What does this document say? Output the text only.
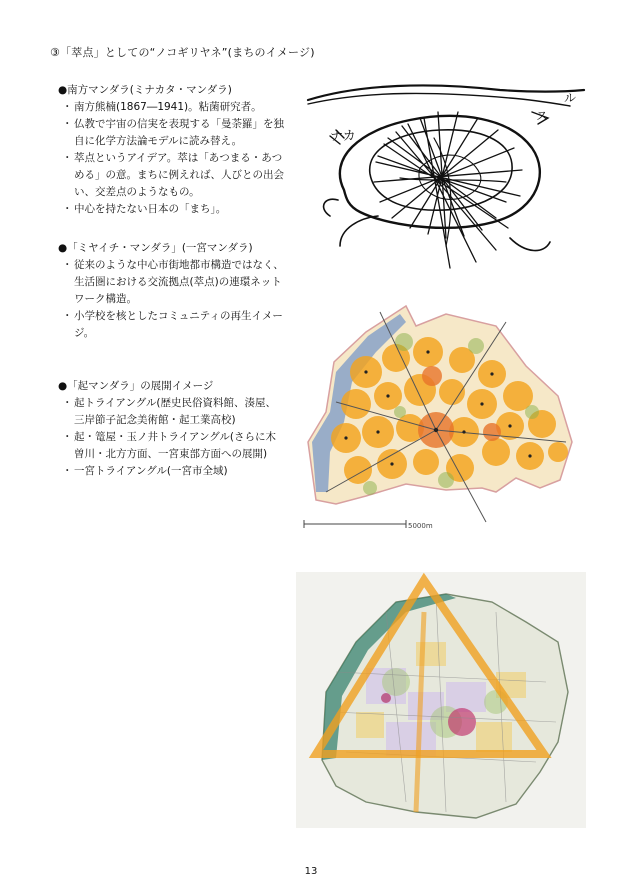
③「萃点」としての“ノコギリヤネ”(まちのイメージ)
●南方マンダラ(ミナカタ・マンダラ)
・ 南方熊楠(1867―1941)。粘菌研究者。
・ 仏教で宇宙の信実を表現する「曼荼羅」を独自に化学方法論モデルに読み替え。
・ 萃点というアイデア。萃は「あつまる・あつめる」の意。まちに例えれば、人びとの出会い、交差点のようなもの。
・ 中心を持たない日本の「まち」。
●「ミヤイチ・マンダラ」(一宮マンダラ)
・ 従来のような中心市街地都市構造ではなく、生活圏における交流拠点(萃点)の連環ネットワーク構造。
・ 小学校を核としたコミュニティの再生イメージ。
●「起マンダラ」の展開イメージ
・ 起トライアングル(歴史民俗資料館、湊屋、三岸節子記念美術館・起工業高校)
・ 起・篭屋・玉ノ井トライアングル(さらに木曽川・北方方面、一宮東部方面への展開)
・ 一宮トライアングル(一宮市全域)
ナカ
ル
ス
5000m
13
